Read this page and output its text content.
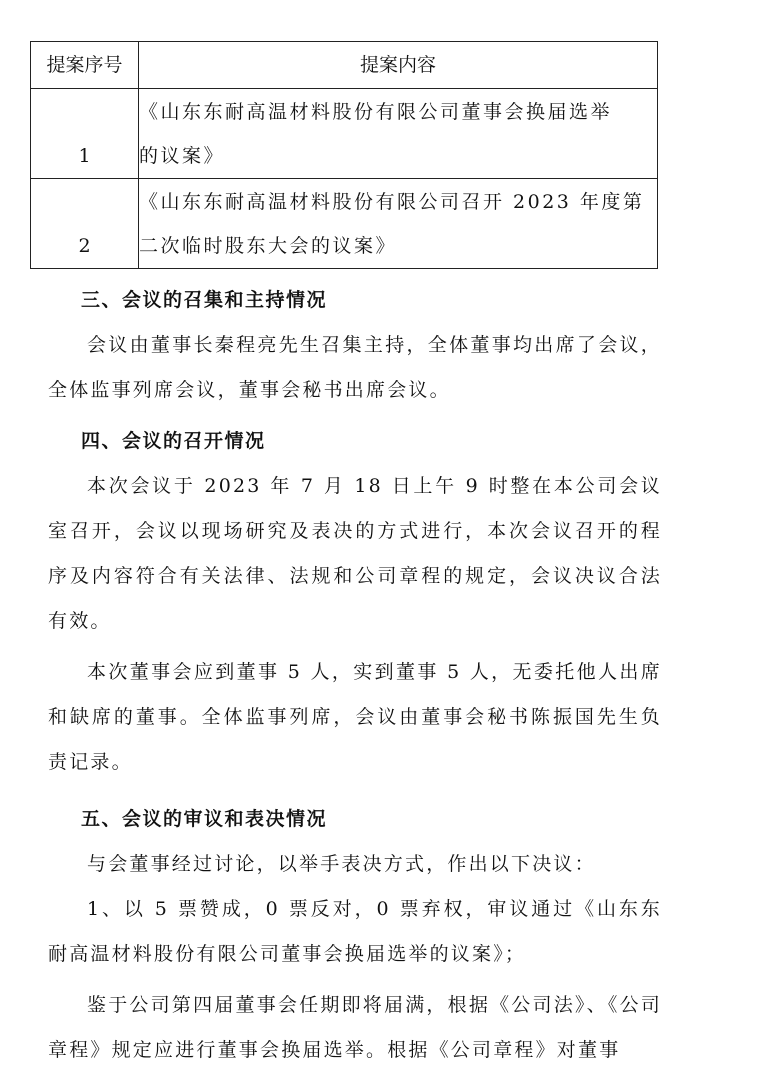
提案序号	提案内容
1	《山东东耐高温材料股份有限公司董事会换届选举
的议案》

2	《山东东耐高温材料股份有限公司召开 2023 年度第
二次临时股东大会的议案》
三、会议的召集和主持情况

会议由董事长秦程亮先生召集主持，全体董事均出席了会议，全体监事列席会议，董事会秘书出席会议。

四、会议的召开情况

本次会议于 2023 年 7 月 18 日上午 9 时整在本公司会议室召开，会议以现场研究及表决的方式进行，本次会议召开的程序及内容符合有关法律、法规和公司章程的规定，会议决议合法有效。

本次董事会应到董事 5 人，实到董事 5 人，无委托他人出席和缺席的董事。全体监事列席，会议由董事会秘书陈振国先生负责记录。

五、会议的审议和表决情况

与会董事经过讨论，以举手表决方式，作出以下决议：

1、以 5 票赞成，0 票反对，0 票弃权，审议通过《山东东耐高温材料股份有限公司董事会换届选举的议案》；

鉴于公司第四届董事会任期即将届满，根据《公司法》、《公司章程》规定应进行董事会换届选举。根据《公司章程》对董事
